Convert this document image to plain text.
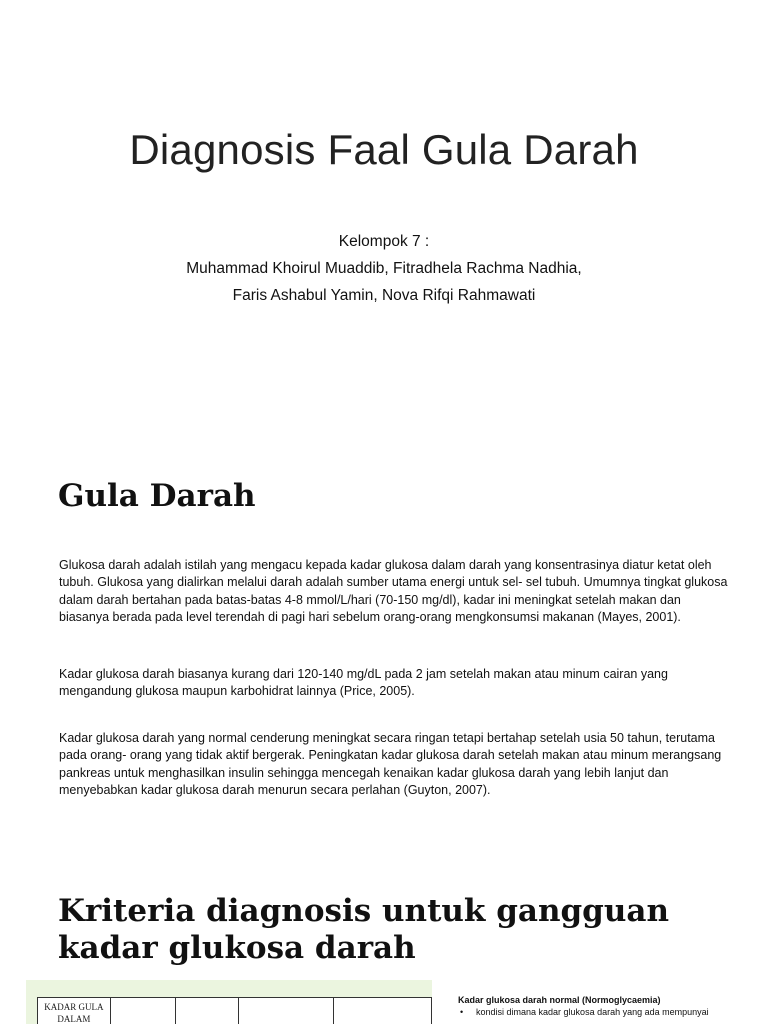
Diagnosis Faal Gula Darah
Kelompok 7 :
Muhammad Khoirul Muaddib, Fitradhela Rachma Nadhia,
Faris Ashabul Yamin, Nova Rifqi Rahmawati
Gula Darah

Glukosa darah adalah istilah yang mengacu kepada kadar glukosa dalam darah yang konsentrasinya diatur ketat oleh tubuh. Glukosa yang dialirkan melalui darah adalah sumber utama energi untuk sel- sel tubuh. Umumnya tingkat glukosa dalam darah bertahan pada batas-batas 4-8 mmol/L/hari (70-150 mg/dl), kadar ini meningkat setelah makan dan biasanya berada pada level terendah di pagi hari sebelum orang-orang mengkonsumsi makanan (Mayes, 2001).

Kadar glukosa darah biasanya kurang dari 120-140 mg/dL pada 2 jam setelah makan atau minum cairan yang mengandung glukosa maupun karbohidrat lainnya (Price, 2005).

Kadar glukosa darah yang normal cenderung meningkat secara ringan tetapi bertahap setelah usia 50 tahun, terutama pada orang- orang yang tidak aktif bergerak. Peningkatan kadar glukosa darah setelah makan atau minum merangsang pankreas untuk menghasilkan insulin sehingga mencegah kenaikan kadar glukosa darah yang lebih lanjut dan menyebabkan kadar glukosa darah menurun secara perlahan (Guyton, 2007).

Kriteria diagnosis untuk gangguan
kadar glukosa darah
KADAR GULA
DALAM				
Kadar glukosa darah normal (Normoglycaemia)
• kondisi dimana kadar glukosa darah yang ada mempunyai
